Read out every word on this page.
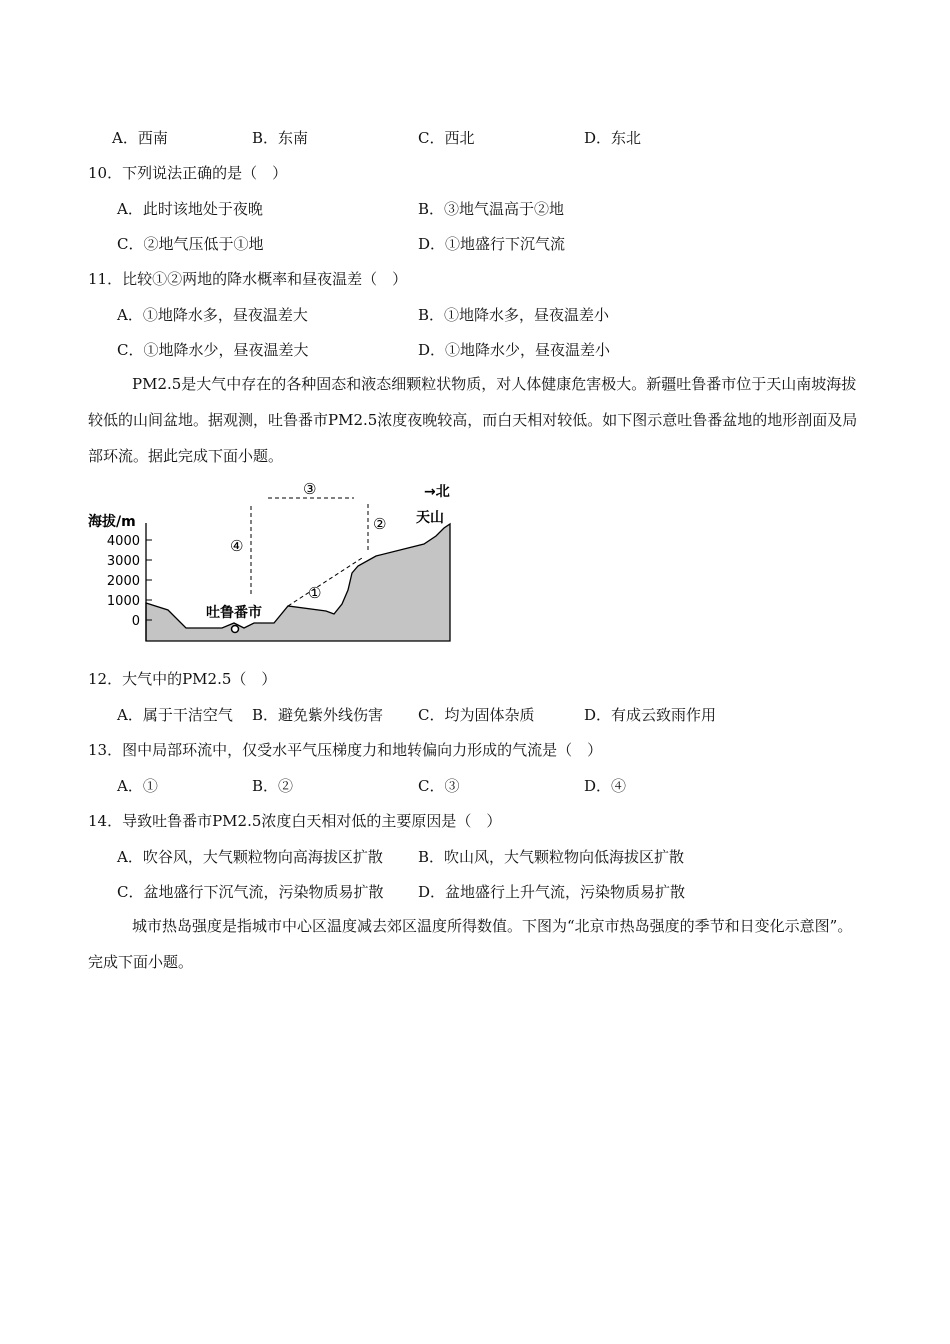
A．西南	B．东南	C．西北	D．东北
10．下列说法正确的是（　）
A．此时该地处于夜晚	B．③地气温高于②地
C．②地气压低于①地	D．①地盛行下沉气流
11．比较①②两地的降水概率和昼夜温差（　）
A．①地降水多，昼夜温差大	B．①地降水多，昼夜温差小
C．①地降水少，昼夜温差大	D．①地降水少，昼夜温差小
PM2.5是大气中存在的各种固态和液态细颗粒状物质，对人体健康危害极大。新疆吐鲁番市位于天山南坡海拔较低的山间盆地。据观测，吐鲁番市PM2.5浓度夜晚较高，而白天相对较低。如下图示意吐鲁番盆地的地形剖面及局部环流。据此完成下面小题。
4000
3000
2000
1000
0
海拔/m
→北
天山
③
②
④
①
吐鲁番市
12．大气中的PM2.5（　）
A．属于干洁空气 B．避免紫外线伤害 C．均为固体杂质	D．有成云致雨作用
13．图中局部环流中，仅受水平气压梯度力和地转偏向力形成的气流是（　）
A．①	B．②	C．③	D．④
14．导致吐鲁番市PM2.5浓度白天相对低的主要原因是（　）
A．吹谷风，大气颗粒物向高海拔区扩散 B．吹山风，大气颗粒物向低海拔区扩散
C．盆地盛行下沉气流，污染物质易扩散 D．盆地盛行上升气流，污染物质易扩散
城市热岛强度是指城市中心区温度减去郊区温度所得数值。下图为“北京市热岛强度的季节和日变化示意图”。完成下面小题。
